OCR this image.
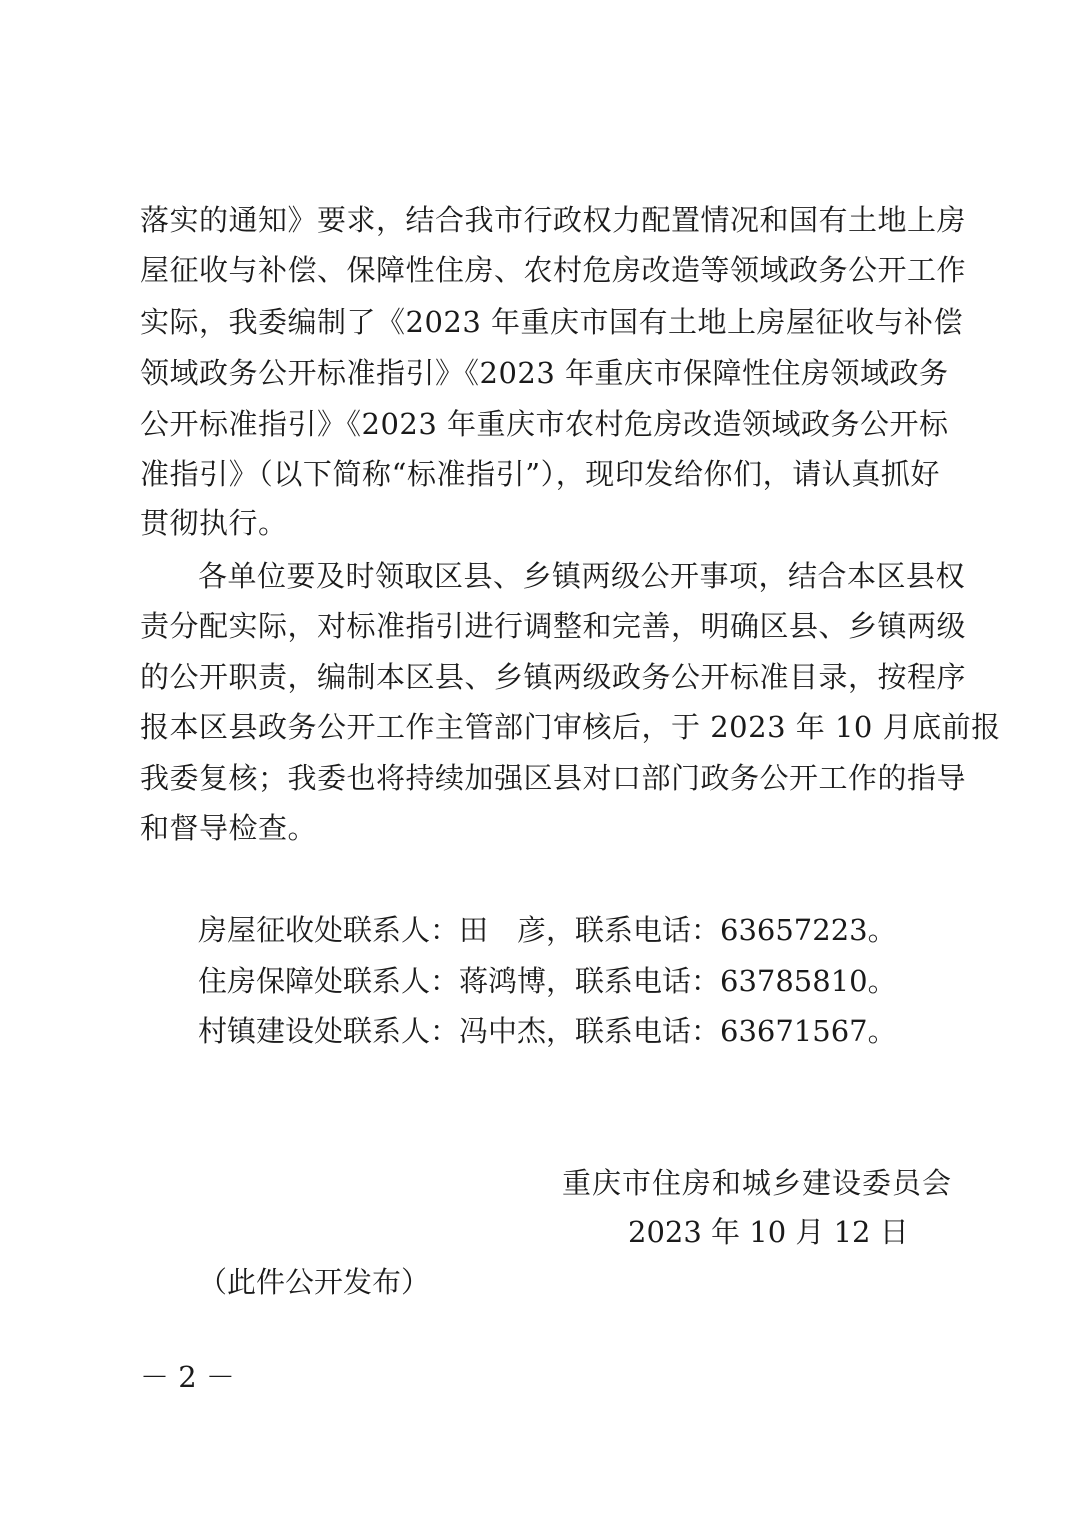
落实的通知》要求，结合我市行政权力配置情况和国有土地上房
屋征收与补偿、保障性住房、农村危房改造等领域政务公开工作
实际，我委编制了《2023 年重庆市国有土地上房屋征收与补偿
领域政务公开标准指引》《2023 年重庆市保障性住房领域政务
公开标准指引》《2023 年重庆市农村危房改造领域政务公开标
准指引》（以下简称“标准指引”），现印发给你们，请认真抓好
贯彻执行。
各单位要及时领取区县、乡镇两级公开事项，结合本区县权
责分配实际，对标准指引进行调整和完善，明确区县、乡镇两级
的公开职责，编制本区县、乡镇两级政务公开标准目录，按程序
报本区县政务公开工作主管部门审核后，于 2023 年 10 月底前报
我委复核；我委也将持续加强区县对口部门政务公开工作的指导
和督导检查。
房屋征收处联系人：田　彦，联系电话：63657223。
住房保障处联系人：蒋鸿博，联系电话：63785810。
村镇建设处联系人：冯中杰，联系电话：63671567。
重庆市住房和城乡建设委员会
2023 年 10 月 12 日
（此件公开发布）
－ 2 －
